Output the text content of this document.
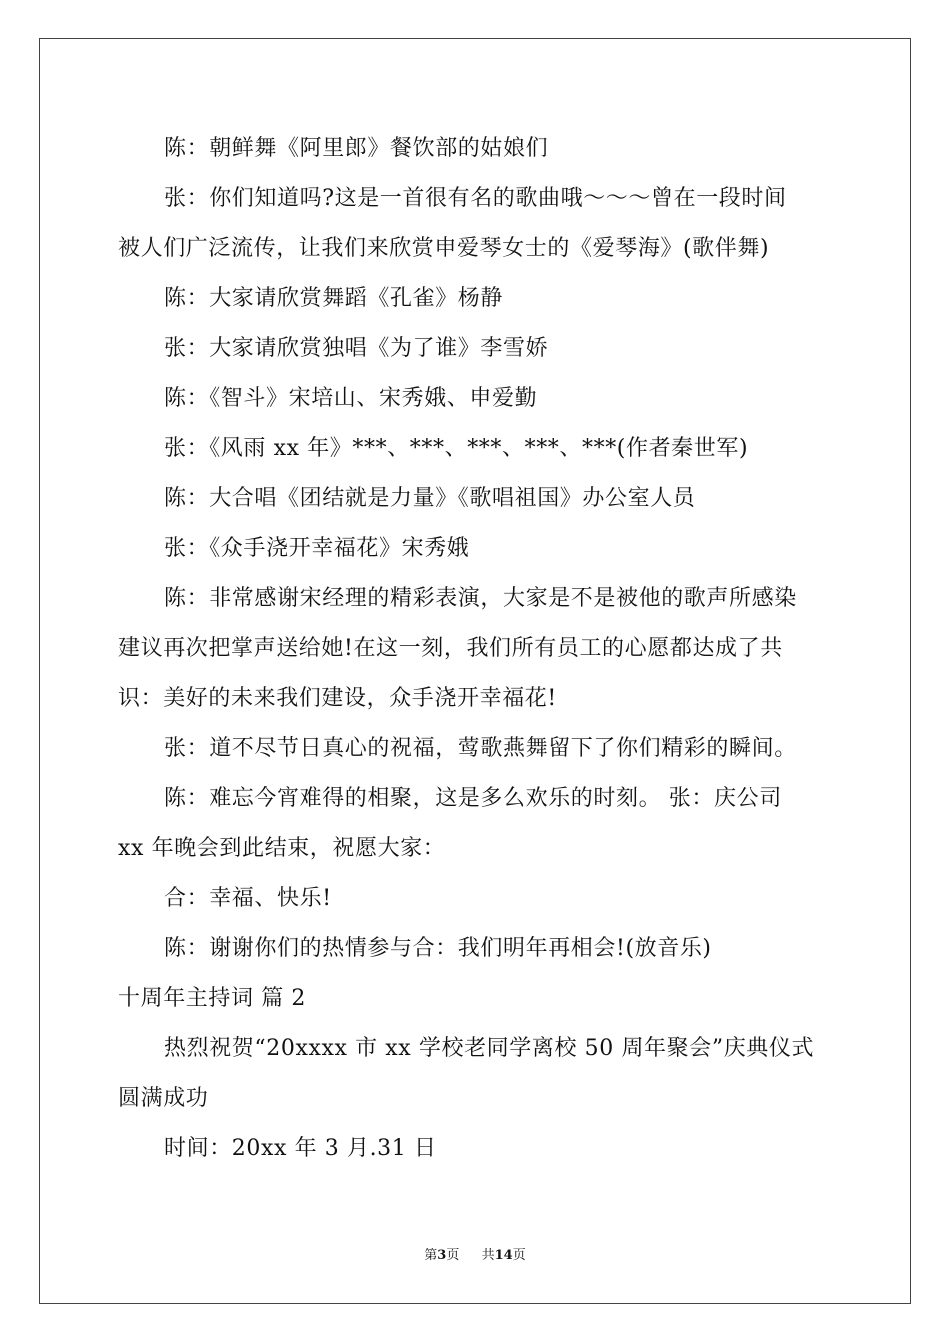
陈：朝鲜舞《阿里郎》餐饮部的姑娘们
张：你们知道吗?这是一首很有名的歌曲哦～～～曾在一段时间
被人们广泛流传，让我们来欣赏申爱琴女士的《爱琴海》(歌伴舞)
陈：大家请欣赏舞蹈《孔雀》杨静
张：大家请欣赏独唱《为了谁》李雪娇
陈：《智斗》宋培山、宋秀娥、申爱勤
张：《风雨 xx 年》***、***、***、***、***(作者秦世军)
陈：大合唱《团结就是力量》《歌唱祖国》办公室人员
张：《众手浇开幸福花》宋秀娥
陈：非常感谢宋经理的精彩表演，大家是不是被他的歌声所感染
建议再次把掌声送给她!在这一刻，我们所有员工的心愿都达成了共
识：美好的未来我们建设，众手浇开幸福花!
张：道不尽节日真心的祝福，莺歌燕舞留下了你们精彩的瞬间。
陈：难忘今宵难得的相聚，这是多么欢乐的时刻。 张：庆公司
xx 年晚会到此结束，祝愿大家：
合：幸福、快乐!
陈：谢谢你们的热情参与合：我们明年再相会!(放音乐)
十周年主持词 篇 2
热烈祝贺“20xxxx 市 xx 学校老同学离校 50 周年聚会”庆典仪式
圆满成功
时间：20xx 年 3 月.31 日
第3页 共14页
